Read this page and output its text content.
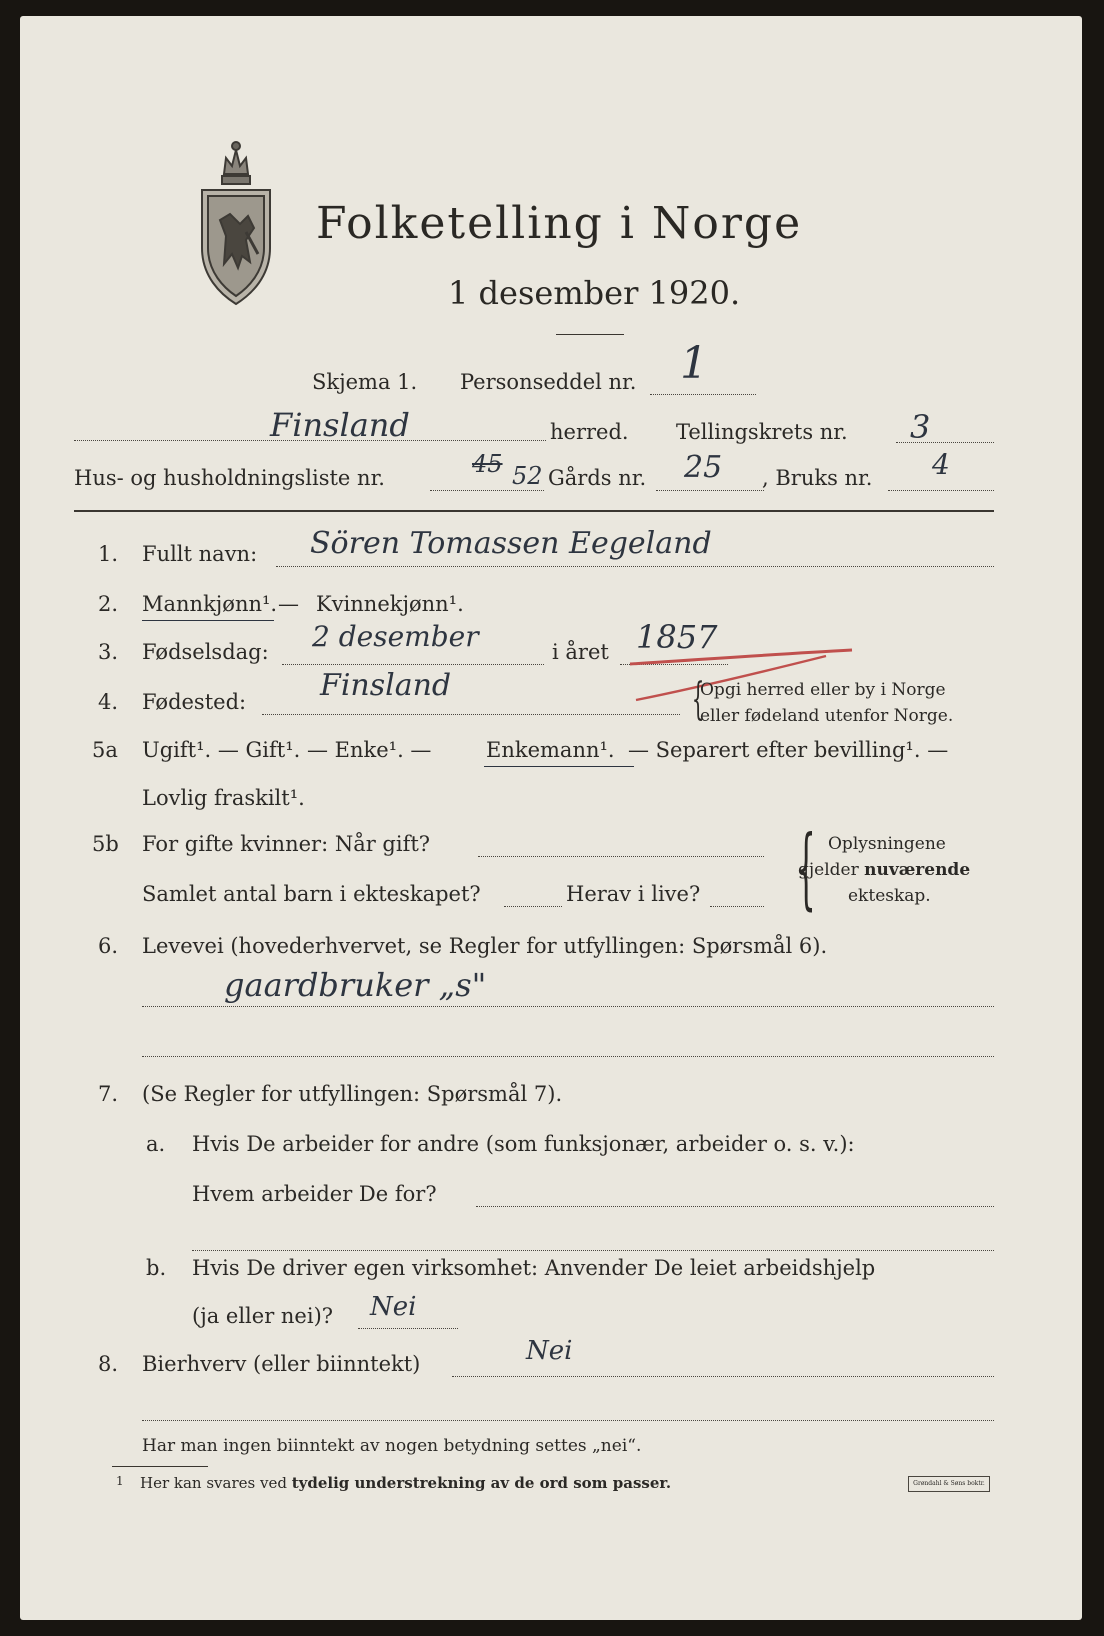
Folketelling i Norge
1 desember 1920.
Skjema 1. Personseddel nr. 1
Finsland	herred. Tellingskrets nr. 3
Hus- og husholdningsliste nr.	45 52 Gårds nr. 25 , Bruks nr. 4
1. Fullt navn: Sören Tomassen Eegeland
2. Mannkjønn¹. — Kvinnekjønn¹.
3. Fødselsdag: 2 desember	i året 1857
4. Fødested: Finsland	{
Opgi herred eller by i Norge
eller fødeland utenfor Norge.
5a Ugift¹. — Gift¹. — Enke¹. —	Enkemann¹. — Separert efter bevilling¹. —
Lovlig fraskilt¹.
5b For gifte kvinner: Når gift?
Samlet antal barn i ekteskapet?	Herav i live? { Oplysningene
gjelder nuværende
ekteskap.
6. Levevei (hovederhvervet, se Regler for utfyllingen: Spørsmål 6).
gaardbruker „s"
7. (Se Regler for utfyllingen: Spørsmål 7).
a. Hvis De arbeider for andre (som funksjonær, arbeider o. s. v.):
Hvem arbeider De for?
b. Hvis De driver egen virksomhet: Anvender De leiet arbeidshjelp
(ja eller nei)? Nei
8. Bierhverv (eller biinntekt)	Nei
Har man ingen biinntekt av nogen betydning settes „nei“.
1 Her kan svares ved tydelig understrekning av de ord som passer.	Grøndahl & Søns boktr.
